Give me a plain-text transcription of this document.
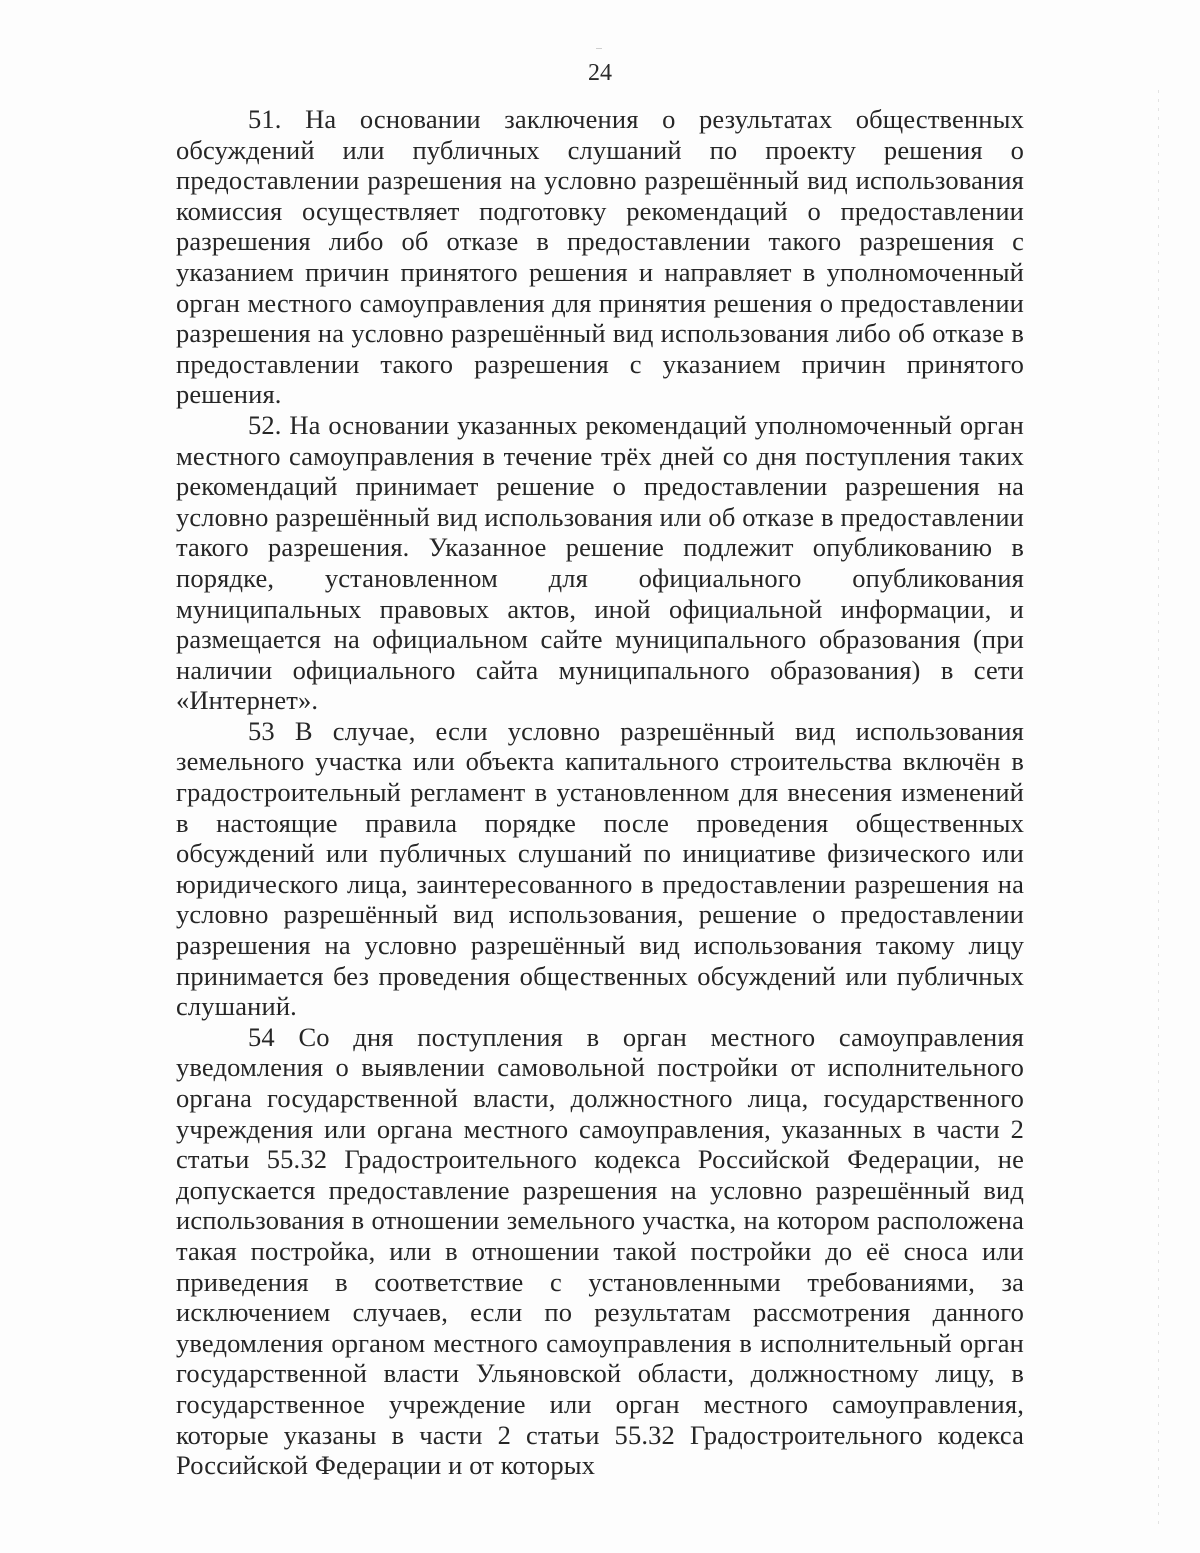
24

51. На основании заключения о результатах общественных обсуждений или публичных слушаний по проекту решения о предоставлении разрешения на условно разрешённый вид использования комиссия осуществляет подготовку рекомендаций о предоставлении разрешения либо об отказе в предоставлении такого разрешения с указанием причин принятого решения и направляет в уполномоченный орган местного самоуправления для принятия решения о предоставлении разрешения на условно разрешённый вид использования либо об отказе в предоставлении такого разрешения с указанием причин принятого решения.

52. На основании указанных рекомендаций уполномоченный орган местного самоуправления в течение трёх дней со дня поступления таких рекомендаций принимает решение о предоставлении разрешения на условно разрешённый вид использования или об отказе в предоставлении такого разрешения. Указанное решение подлежит опубликованию в порядке, установленном для официального опубликования муниципальных правовых актов, иной официальной информации, и размещается на официальном сайте муниципального образования (при наличии официального сайта муниципального образования) в сети «Интернет».

53 В случае, если условно разрешённый вид использования земельного участка или объекта капитального строительства включён в градостроительный регламент в установленном для внесения изменений в настоящие правила порядке после проведения общественных обсуждений или публичных слушаний по инициативе физического или юридического лица, заинтересованного в предоставлении разрешения на условно разрешённый вид использования, решение о предоставлении разрешения на условно разрешённый вид использования такому лицу принимается без проведения общественных обсуждений или публичных слушаний.

54 Со дня поступления в орган местного самоуправления уведомления о выявлении самовольной постройки от исполнительного органа государственной власти, должностного лица, государственного учреждения или органа местного самоуправления, указанных в части 2 статьи 55.32 Градостроительного кодекса Российской Федерации, не допускается предоставление разрешения на условно разрешённый вид использования в отношении земельного участка, на котором расположена такая постройка, или в отношении такой постройки до её сноса или приведения в соответствие с установленными требованиями, за исключением случаев, если по результатам рассмотрения данного уведомления органом местного самоуправления в исполнительный орган государственной власти Ульяновской области, должностному лицу, в государственное учреждение или орган местного самоуправления, которые указаны в части 2 статьи 55.32 Градостроительного кодекса Российской Федерации и от которых
